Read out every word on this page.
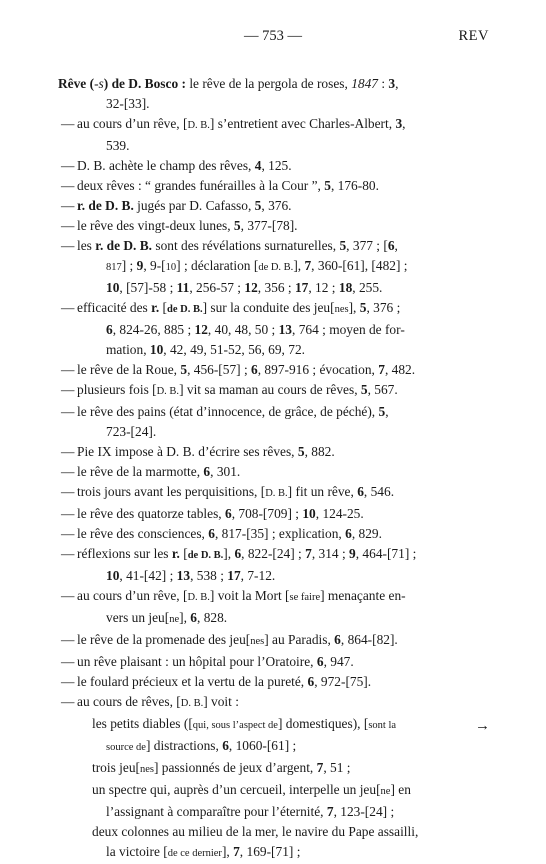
— 753 —	REV
Rêve (-s) de D. Bosco : le rêve de la pergola de roses, 1847 : 3,
32-[33].
— au cours d’un rêve, [D. B.] s’entretient avec Charles-Albert, 3,
539.
— D. B. achète le champ des rêves, 4, 125.
— deux rêves : “ grandes funérailles à la Cour ”, 5, 176-80.
— r. de D. B. jugés par D. Cafasso, 5, 376.
— le rêve des vingt-deux lunes, 5, 377-[78].
— les r. de D. B. sont des révélations surnaturelles, 5, 377 ; [6,
817] ; 9, 9-[10] ; déclaration [de D. B.], 7, 360-[61], [482] ;
10, [57]-58 ; 11, 256-57 ; 12, 356 ; 17, 12 ; 18, 255.
— efficacité des r. [de D. B.] sur la conduite des jeu[nes], 5, 376 ;
6, 824-26, 885 ; 12, 40, 48, 50 ; 13, 764 ; moyen de for-
mation, 10, 42, 49, 51-52, 56, 69, 72.
— le rêve de la Roue, 5, 456-[57] ; 6, 897-916 ; évocation, 7, 482.
— plusieurs fois [D. B.] vit sa maman au cours de rêves, 5, 567.
— le rêve des pains (état d’innocence, de grâce, de péché), 5,
723-[24].
— Pie IX impose à D. B. d’écrire ses rêves, 5, 882.
— le rêve de la marmotte, 6, 301.
— trois jours avant les perquisitions, [D. B.] fit un rêve, 6, 546.
— le rêve des quatorze tables, 6, 708-[709] ; 10, 124-25.
— le rêve des consciences, 6, 817-[35] ; explication, 6, 829.
— réflexions sur les r. [de D. B.], 6, 822-[24] ; 7, 314 ; 9, 464-[71] ;
10, 41-[42] ; 13, 538 ; 17, 7-12.
— au cours d’un rêve, [D. B.] voit la Mort [se faire] menaçante en-
vers un jeu[ne], 6, 828.
— le rêve de la promenade des jeu[nes] au Paradis, 6, 864-[82].
— un rêve plaisant : un hôpital pour l’Oratoire, 6, 947.
— le foulard précieux et la vertu de la pureté, 6, 972-[75].
— au cours de rêves, [D. B.] voit :
les petits diables ([qui, sous l’aspect de] domestiques), [sont la
source de] distractions, 6, 1060-[61] ;
trois jeu[nes] passionnés de jeux d’argent, 7, 51 ;
un spectre qui, auprès d’un cercueil, interpelle un jeu[ne] en
l’assignant à comparaître pour l’éternité, 7, 123-[24] ;
deux colonnes au milieu de la mer, le navire du Pape assailli,
la victoire [de ce dernier], 7, 169-[71] ;
→
